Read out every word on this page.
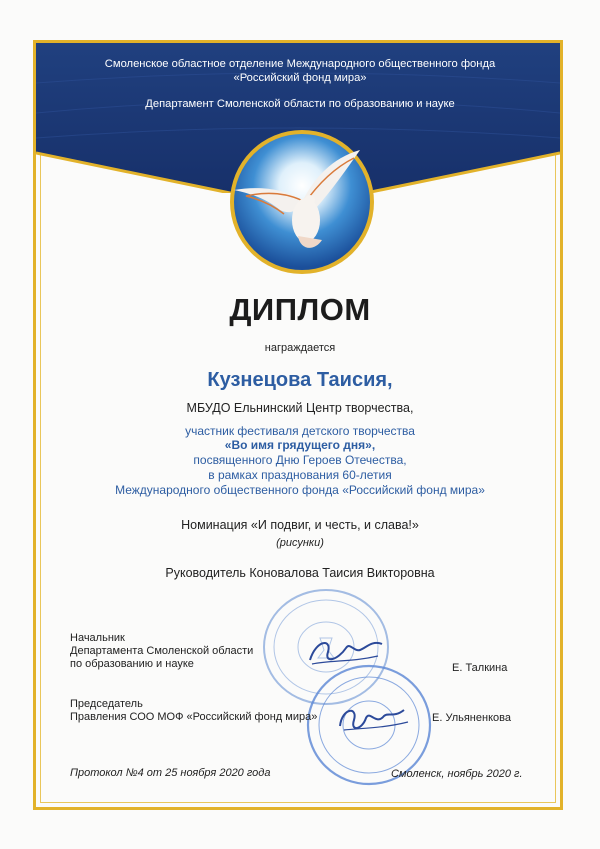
Смоленское областное отделение Международного общественного фонда
«Российский фонд мира»
Департамент Смоленской области по образованию и науке
ДИПЛОМ
награждается
Кузнецова Таисия,
МБУДО Ельнинский Центр творчества,
участник фестиваля детского творчества
«Во имя грядущего дня»,
посвященного Дню Героев Отечества,
в рамках празднования 60-летия
Международного общественного фонда «Российский фонд мира»
Номинация «И подвиг, и честь, и слава!»
(рисунки)
Руководитель Коновалова Таисия Викторовна
Начальник
Департамента Смоленской области
по образованию и науке	Е. Талкина
Председатель
Правления СОО МОФ «Российский фонд мира»	Е. Ульяненкова
Протокол №4 от 25 ноября 2020 года	Смоленск, ноябрь 2020 г.
